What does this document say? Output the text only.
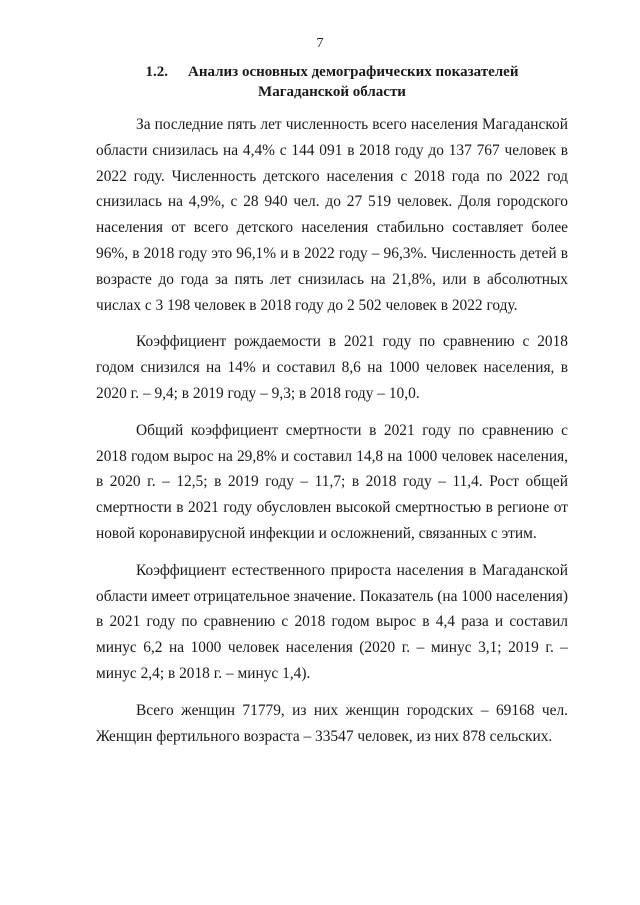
7
1.2. Анализ основных демографических показателей
Магаданской области

За последние пять лет численность всего населения Магаданской области снизилась на 4,4% с 144 091 в 2018 году до 137 767 человек в 2022 году. Численность детского населения с 2018 года по 2022 год снизилась на 4,9%, с 28 940 чел. до 27 519 человек. Доля городского населения от всего детского населения стабильно составляет более 96%, в 2018 году это 96,1% и в 2022 году – 96,3%. Численность детей в возрасте до года за пять лет снизилась на 21,8%, или в абсолютных числах с 3 198 человек в 2018 году до 2 502 человек в 2022 году.

Коэффициент рождаемости в 2021 году по сравнению с 2018 годом снизился на 14% и составил 8,6 на 1000 человек населения, в 2020 г. – 9,4; в 2019 году – 9,3; в 2018 году – 10,0.

Общий коэффициент смертности в 2021 году по сравнению с 2018 годом вырос на 29,8% и составил 14,8 на 1000 человек населения, в 2020 г. – 12,5; в 2019 году – 11,7; в 2018 году – 11,4. Рост общей смертности в 2021 году обусловлен высокой смертностью в регионе от новой коронавирусной инфекции и осложнений, связанных с этим.

Коэффициент естественного прироста населения в Магаданской области имеет отрицательное значение. Показатель (на 1000 населения) в 2021 году по сравнению с 2018 годом вырос в 4,4 раза и составил минус 6,2 на 1000 человек населения (2020 г. – минус 3,1; 2019 г. – минус 2,4; в 2018 г. – минус 1,4).

Всего женщин 71779, из них женщин городских – 69168 чел. Женщин фертильного возраста – 33547 человек, из них 878 сельских.
